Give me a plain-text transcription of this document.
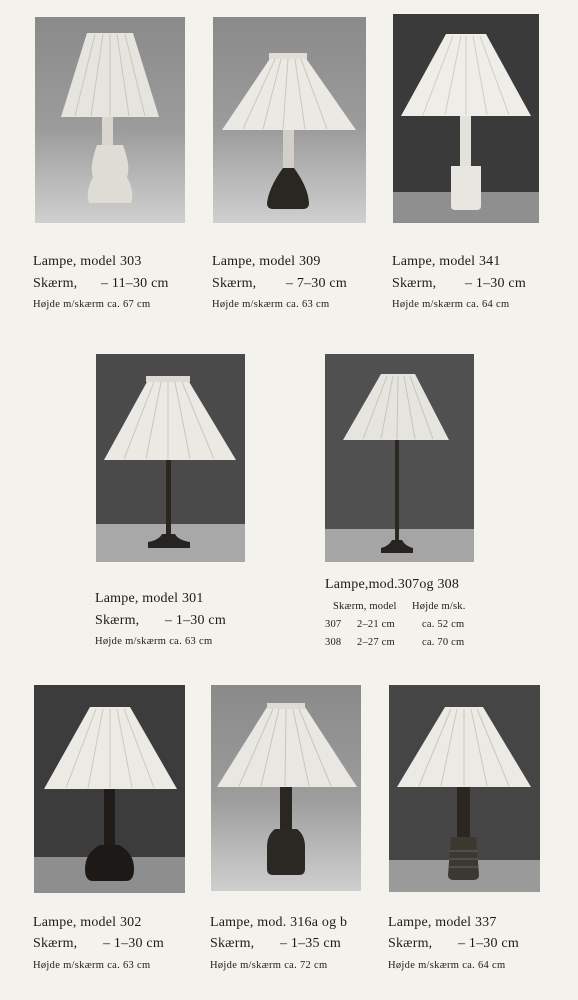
Lampe, model 303
Skærm, – 11–30 cm
Højde m/skærm ca. 67 cm
Lampe, model 309
Skærm, – 7–30 cm
Højde m/skærm ca. 63 cm
Lampe, model 341
Skærm, – 1–30 cm
Højde m/skærm ca. 64 cm
Lampe, model 301
Skærm, – 1–30 cm
Højde m/skærm ca. 63 cm
Lampe,mod.307og 308
Skærm, model Højde m/sk.
307 2–21 cm	ca. 52 cm
308 2–27 cm	ca. 70 cm
Lampe, model 302
Skærm, – 1–30 cm
Højde m/skærm ca. 63 cm
Lampe, mod. 316a og b
Skærm, – 1–35 cm
Højde m/skærm ca. 72 cm
Lampe, model 337
Skærm, – 1–30 cm
Højde m/skærm ca. 64 cm
